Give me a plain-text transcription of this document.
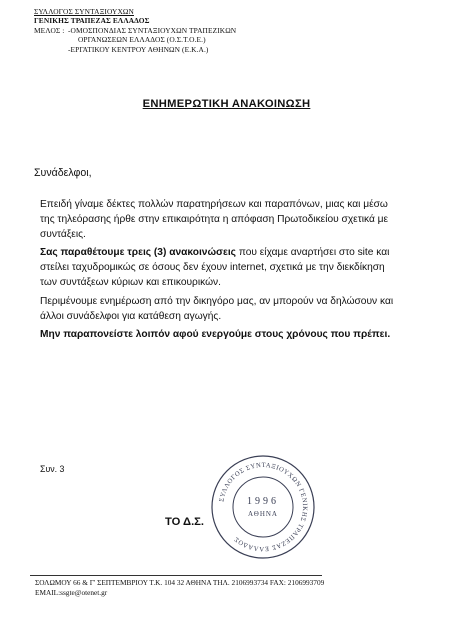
ΣΥΛΛΟΓΟΣ ΣΥΝΤΑΞΙΟΥΧΩΝ
ΓΕΝΙΚΗΣ ΤΡΑΠΕΖΑΣ ΕΛΛΑΔΟΣ
ΜΕΛΟΣ : -ΟΜΟΣΠΟΝΔΙΑΣ ΣΥΝΤΑΞΙΟΥΧΩΝ ΤΡΑΠΕΖΙΚΩΝ
ΟΡΓΑΝΩΣΕΩΝ ΕΛΛΑΔΟΣ (Ο.Σ.Τ.Ο.Ε.)
-ΕΡΓΑΤΙΚΟΥ ΚΕΝΤΡΟΥ ΑΘΗΝΩΝ (Ε.Κ.Α.)
ΕΝΗΜΕΡΩΤΙΚΗ ΑΝΑΚΟΙΝΩΣΗ
Συνάδελφοι,

Επειδή γίναμε δέκτες πολλών παρατηρήσεων και παραπόνων, μιας και μέσω της τηλεόρασης ήρθε στην επικαιρότητα η απόφαση Πρωτοδικείου σχετικά με συντάξεις.

Σας παραθέτουμε τρεις (3) ανακοινώσεις που είχαμε αναρτήσει στο site και στείλει ταχυδρομικώς σε όσους δεν έχουν internet, σχετικά με την διεκδίκηση των συντάξεων κύριων και επικουρικών.

Περιμένουμε ενημέρωση από την δικηγόρο μας, αν μπορούν να δηλώσουν και άλλοι συνάδελφοι για κατάθεση αγωγής.

Μην παραπονείστε λοιπόν αφού ενεργούμε στους χρόνους που πρέπει.

Συν. 3
ΣΥΛΛΟΓΟΣ ΣΥΝΤΑΞΙΟΥΧΩΝ ΓΕΝΙΚΗΣ ΤΡΑΠΕΖΑΣ ΕΛΛΑΔΟΣ
1996
ΑΘΗΝΑ
ΤΟ Δ.Σ.
ΣΟΛΩΜΟΥ 66 & Γ' ΣΕΠΤΕΜΒΡΙΟΥ Τ.Κ. 104 32 ΑΘΗΝΑ ΤΗΛ. 2106993734 FAX: 2106993709
EMAIL:ssgte@otenet.gr
